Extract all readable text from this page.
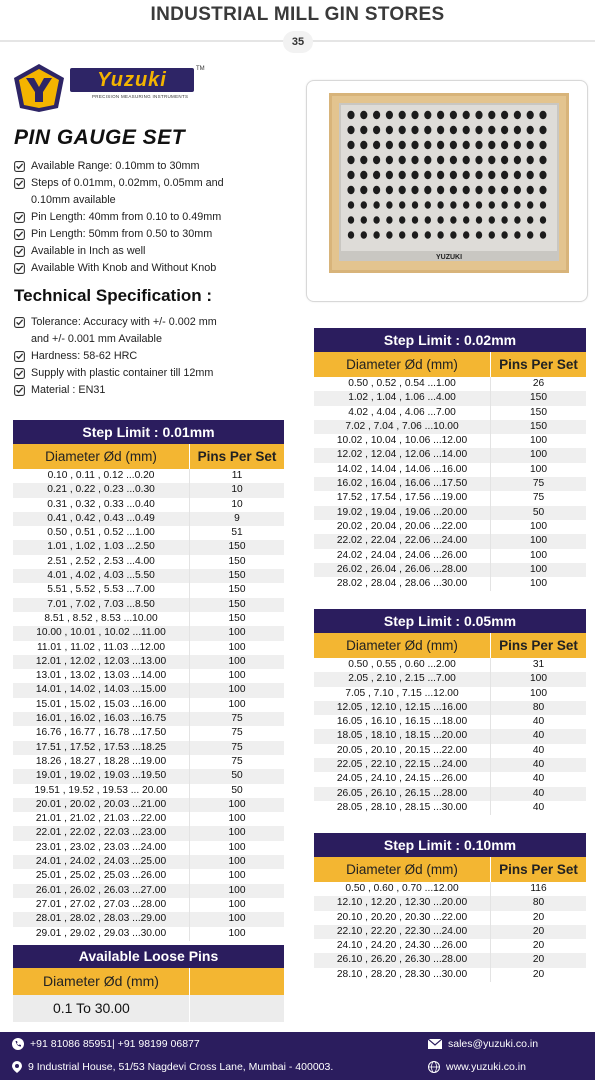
INDUSTRIAL MILL GIN STORES
35
Yuzuki	TM
PRECISION MEASURING INSTRUMENTS
PIN GAUGE SET
Available Range: 0.10mm to 30mm
Steps of 0.01mm, 0.02mm, 0.05mm and
0.10mm available
Pin Length: 40mm from 0.10 to 0.49mm
Pin Length: 50mm from 0.50 to 30mm
Available in Inch as well
Available With Knob and Without Knob
Technical Specification :
Tolerance: Accuracy with +/- 0.002 mm
and +/- 0.001 mm Available
Hardness: 58-62 HRC
Supply with plastic container till 12mm
Material : EN31
YUZUKI
Step Limit : 0.01mm
Diameter Ød (mm)	Pins Per Set
0.10 , 0.11 , 0.12 ...0.20	11
0.21 , 0.22 , 0.23 ...0.30	10
0.31 , 0.32 , 0.33 ...0.40	10
0.41 , 0.42 , 0.43 ...0.49	9
0.50 , 0.51 , 0.52 ...1.00	51
1.01 , 1.02 , 1.03 ...2.50	150
2.51 , 2.52 , 2.53 ...4.00	150
4.01 , 4.02 , 4.03 ...5.50	150
5.51 , 5.52 , 5.53 ...7.00	150
7.01 , 7.02 , 7.03 ...8.50	150
8.51 , 8.52 , 8.53 ...10.00	150
10.00 , 10.01 , 10.02 ...11.00	100
11.01 , 11.02 , 11.03 ...12.00	100
12.01 , 12.02 , 12.03 ...13.00	100
13.01 , 13.02 , 13.03 ...14.00	100
14.01 , 14.02 , 14.03 ...15.00	100
15.01 , 15.02 , 15.03 ...16.00	100
16.01 , 16.02 , 16.03 ...16.75	75
16.76 , 16.77 , 16.78 ...17.50	75
17.51 , 17.52 , 17.53 ...18.25	75
18.26 , 18.27 , 18.28 ...19.00	75
19.01 , 19.02 , 19.03 ...19.50	50
19.51 , 19.52 , 19.53 ... 20.00	50
20.01 , 20.02 , 20.03 ...21.00	100
21.01 , 21.02 , 21.03 ...22.00	100
22.01 , 22.02 , 22.03 ...23.00	100
23.01 , 23.02 , 23.03 ...24.00	100
24.01 , 24.02 , 24.03 ...25.00	100
25.01 , 25.02 , 25.03 ...26.00	100
26.01 , 26.02 , 26.03 ...27.00	100
27.01 , 27.02 , 27.03 ...28.00	100
28.01 , 28.02 , 28.03 ...29.00	100
29.01 , 29.02 , 29.03 ...30.00	100
Step Limit : 0.02mm
Diameter Ød (mm)	Pins Per Set
0.50 , 0.52 , 0.54 ...1.00	26
1.02 , 1.04 , 1.06 ...4.00	150
4.02 , 4.04 , 4.06 ...7.00	150
7.02 , 7.04 , 7.06 ...10.00	150
10.02 , 10.04 , 10.06 ...12.00	100
12.02 , 12.04 , 12.06 ...14.00	100
14.02 , 14.04 , 14.06 ...16.00	100
16.02 , 16.04 , 16.06 ...17.50	75
17.52 , 17.54 , 17.56 ...19.00	75
19.02 , 19.04 , 19.06 ...20.00	50
20.02 , 20.04 , 20.06 ...22.00	100
22.02 , 22.04 , 22.06 ...24.00	100
24.02 , 24.04 , 24.06 ...26.00	100
26.02 , 26.04 , 26.06 ...28.00	100
28.02 , 28.04 , 28.06 ...30.00	100
Step Limit : 0.05mm
Diameter Ød (mm)	Pins Per Set
0.50 , 0.55 , 0.60 ...2.00	31
2.05 , 2.10 , 2.15 ...7.00	100
7.05 , 7.10 , 7.15 ...12.00	100
12.05 , 12.10 , 12.15 ...16.00	80
16.05 , 16.10 , 16.15 ...18.00	40
18.05 , 18.10 , 18.15 ...20.00	40
20.05 , 20.10 , 20.15 ...22.00	40
22.05 , 22.10 , 22.15 ...24.00	40
24.05 , 24.10 , 24.15 ...26.00	40
26.05 , 26.10 , 26.15 ...28.00	40
28.05 , 28.10 , 28.15 ...30.00	40
Step Limit : 0.10mm
Diameter Ød (mm)	Pins Per Set
0.50 , 0.60 , 0.70 ...12.00	116
12.10 , 12.20 , 12.30 ...20.00	80
20.10 , 20.20 , 20.30 ...22.00	20
22.10 , 22.20 , 22.30 ...24.00	20
24.10 , 24.20 , 24.30 ...26.00	20
26.10 , 26.20 , 26.30 ...28.00	20
28.10 , 28.20 , 28.30 ...30.00	20
Available Loose Pins
Diameter Ød (mm)
0.1 To 30.00
+91 81086 85951| +91 98199 06877	sales@yuzuki.co.in
9 Industrial House, 51/53 Nagdevi Cross Lane, Mumbai - 400003.	www.yuzuki.co.in
